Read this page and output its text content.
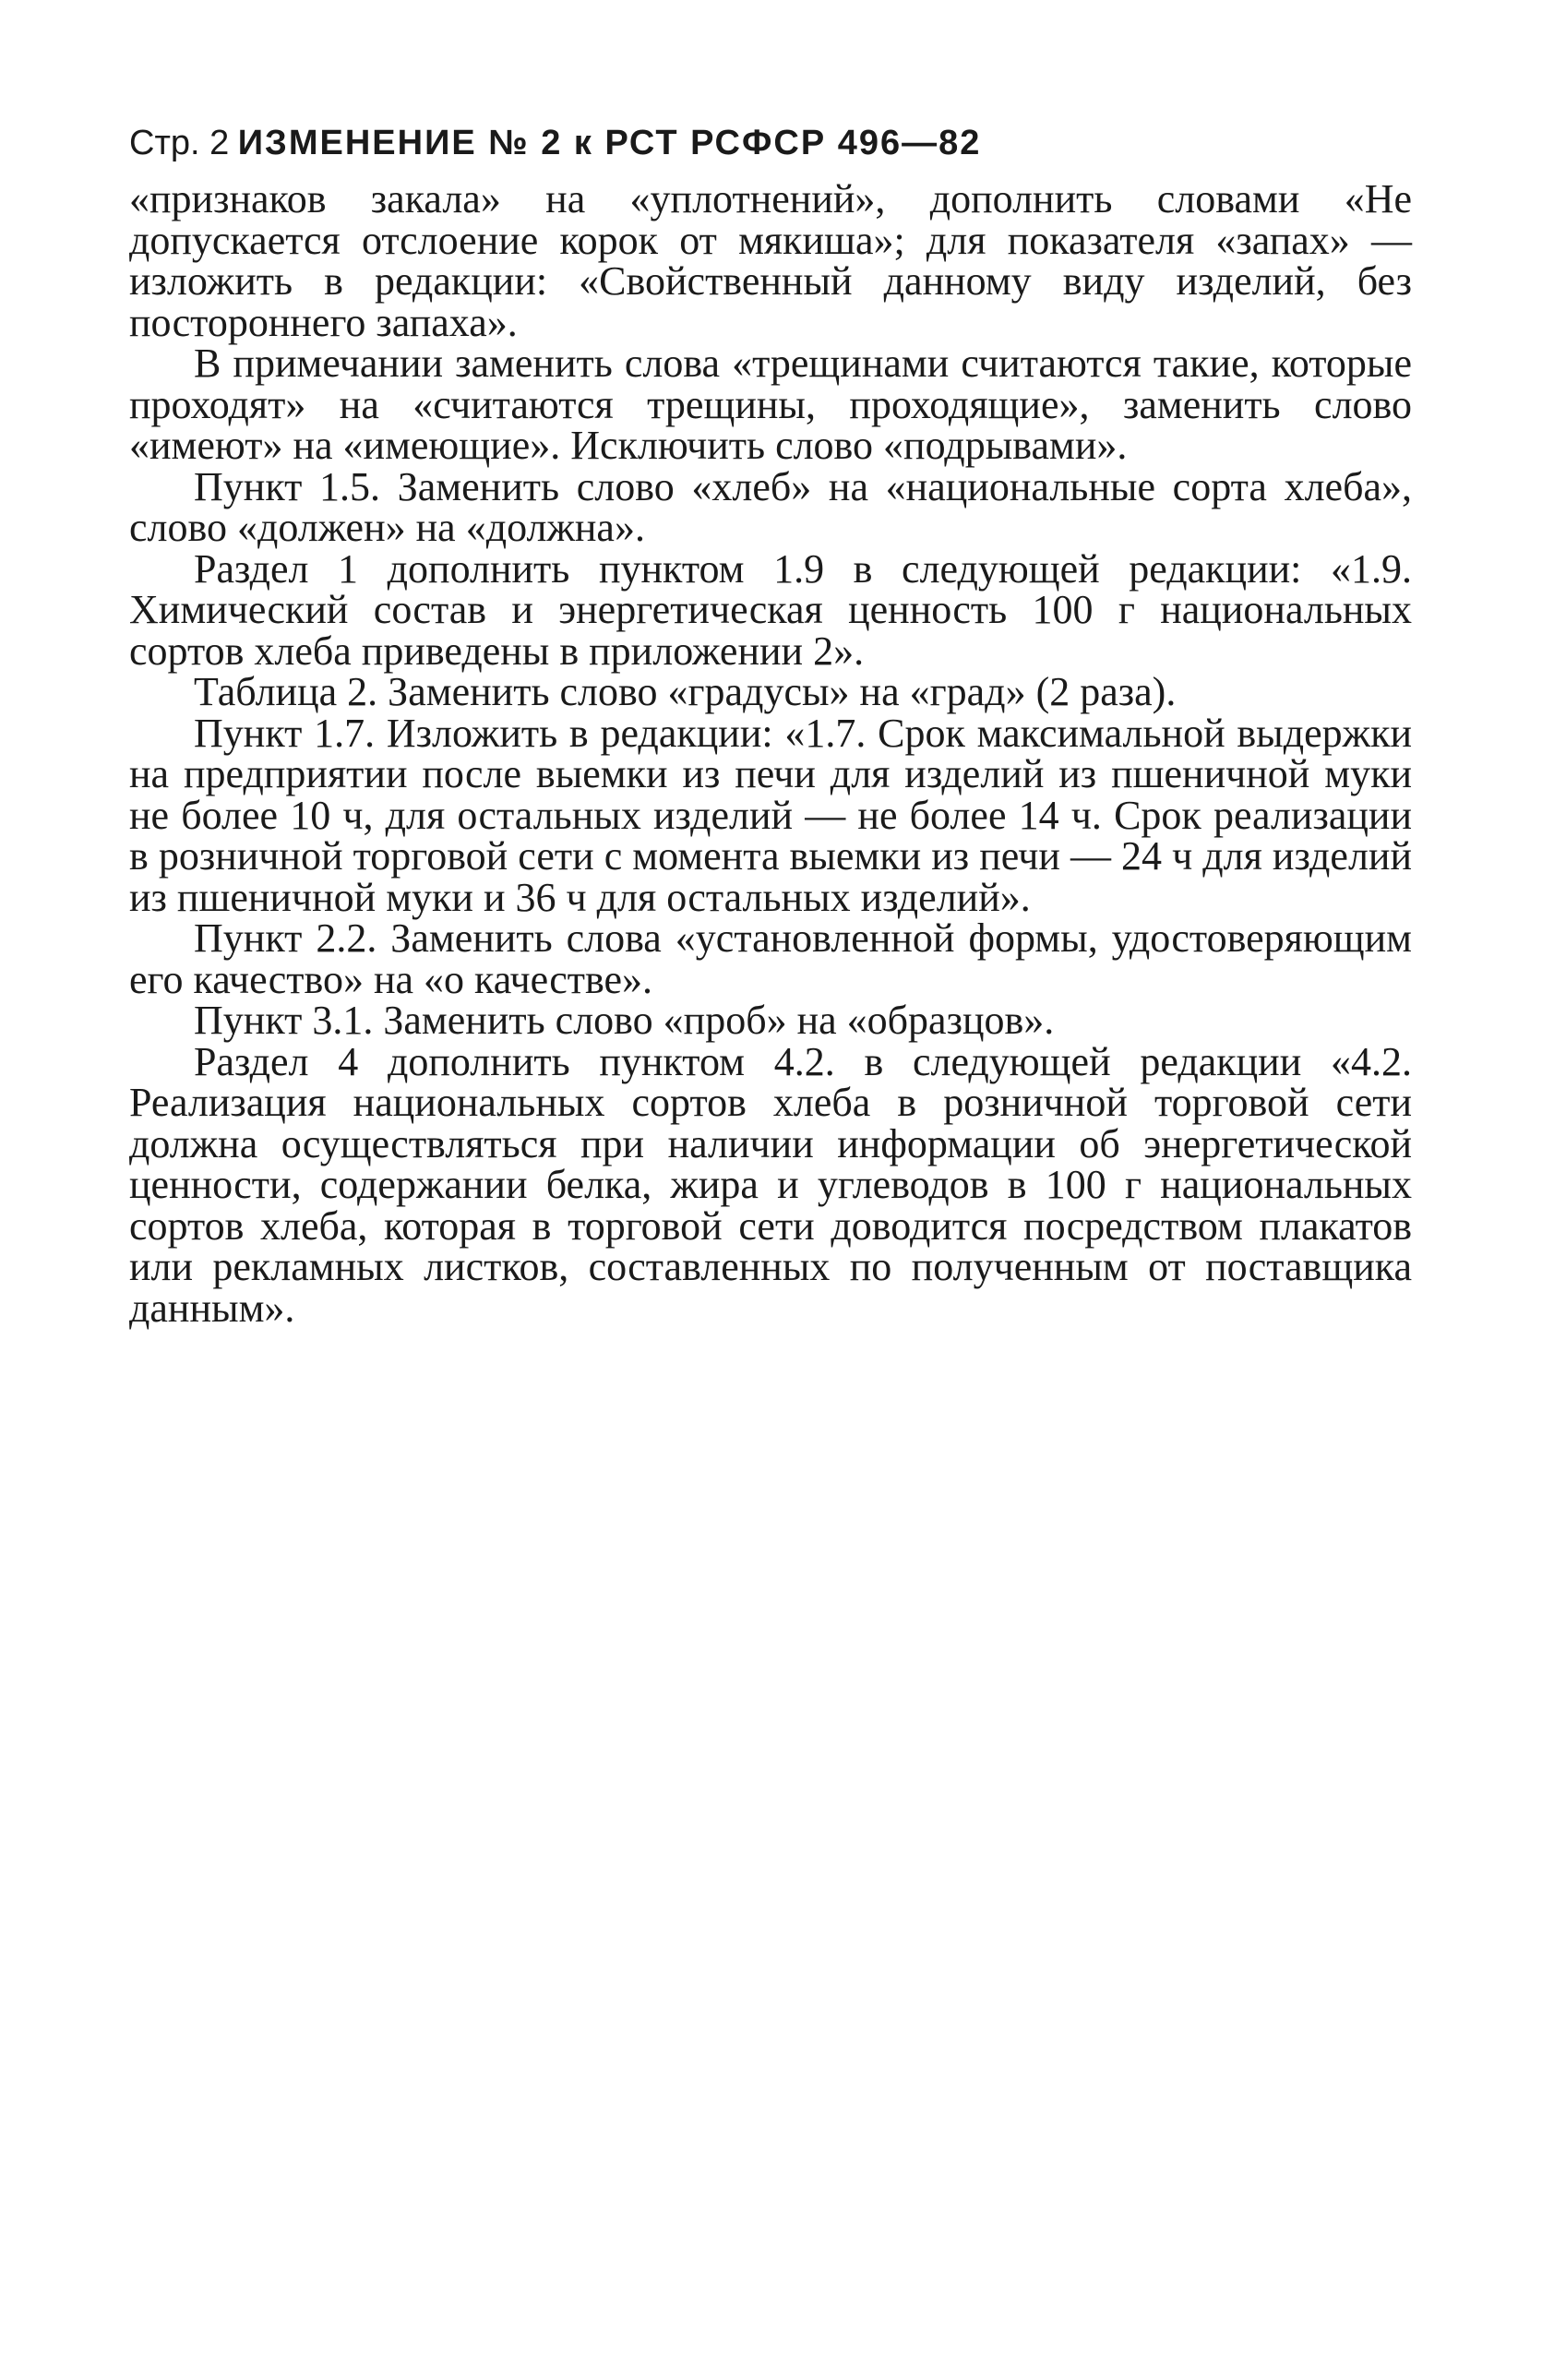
Стр. 2 ИЗМЕНЕНИЕ № 2 к РСТ РСФСР 496—82

«признаков закала» на «уплотнений», дополнить словами «Не допускается отслоение корок от мякиша»; для показателя «запах» — изложить в редакции: «Свойственный данному виду изделий, без постороннего запаха».

В примечании заменить слова «трещинами считаются такие, которые проходят» на «считаются трещины, проходящие», заменить слово «имеют» на «имеющие». Исключить слово «подрывами».

Пункт 1.5. Заменить слово «хлеб» на «национальные сорта хлеба», слово «должен» на «должна».

Раздел 1 дополнить пунктом 1.9 в следующей редакции: «1.9. Химический состав и энергетическая ценность 100 г национальных сортов хлеба приведены в приложении 2».

Таблица 2. Заменить слово «градусы» на «град» (2 раза).

Пункт 1.7. Изложить в редакции: «1.7. Срок максимальной выдержки на предприятии после выемки из печи для изделий из пшеничной муки не более 10 ч, для остальных изделий — не более 14 ч. Срок реализации в розничной торговой сети с момента выемки из печи — 24 ч для изделий из пшеничной муки и 36 ч для остальных изделий».

Пункт 2.2. Заменить слова «установленной формы, удостоверяющим его качество» на «о качестве».

Пункт 3.1. Заменить слово «проб» на «образцов».

Раздел 4 дополнить пунктом 4.2. в следующей редакции «4.2. Реализация национальных сортов хлеба в розничной торговой сети должна осуществляться при наличии информации об энергетической ценности, содержании белка, жира и углеводов в 100 г национальных сортов хлеба, которая в торговой сети доводится посредством плакатов или рекламных листков, составленных по полученным от поставщика данным».
